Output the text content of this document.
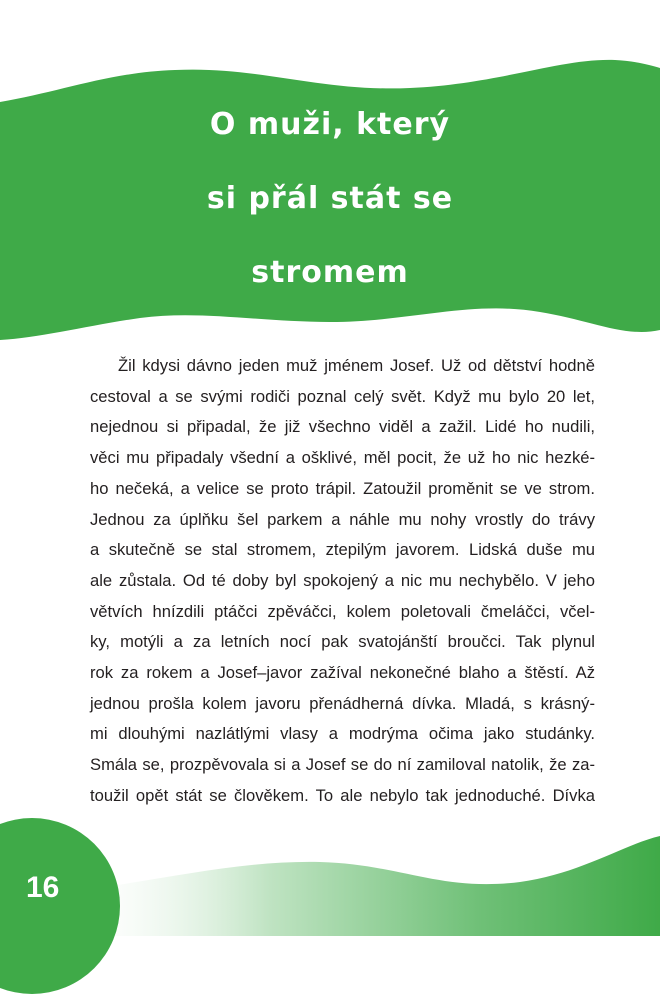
O muži, který
si přál stát se
stromem
Žil kdysi dávno jeden muž jménem Josef. Už od dětství hodně
cestoval a se svými rodiči poznal celý svět. Když mu bylo 20 let,
nejednou si připadal, že již všechno viděl a zažil. Lidé ho nudili,
věci mu připadaly všední a ošklivé, měl pocit, že už ho nic hezké-
ho nečeká, a velice se proto trápil. Zatoužil proměnit se ve strom.
Jednou za úplňku šel parkem a náhle mu nohy vrostly do trávy
a skutečně se stal stromem, ztepilým javorem. Lidská duše mu
ale zůstala. Od té doby byl spokojený a nic mu nechybělo. V jeho
větvích hnízdili ptáčci zpěváčci, kolem poletovali čmeláčci, včel-
ky, motýli a za letních nocí pak svatojánští broučci. Tak plynul
rok za rokem a Josef–javor zažíval nekonečné blaho a štěstí. Až
jednou prošla kolem javoru přenádherná dívka. Mladá, s krásný-
mi dlouhými nazlátlými vlasy a modrýma očima jako studánky.
Smála se, prozpěvovala si a Josef se do ní zamiloval natolik, že za-
toužil opět stát se člověkem. To ale nebylo tak jednoduché. Dívka
16
